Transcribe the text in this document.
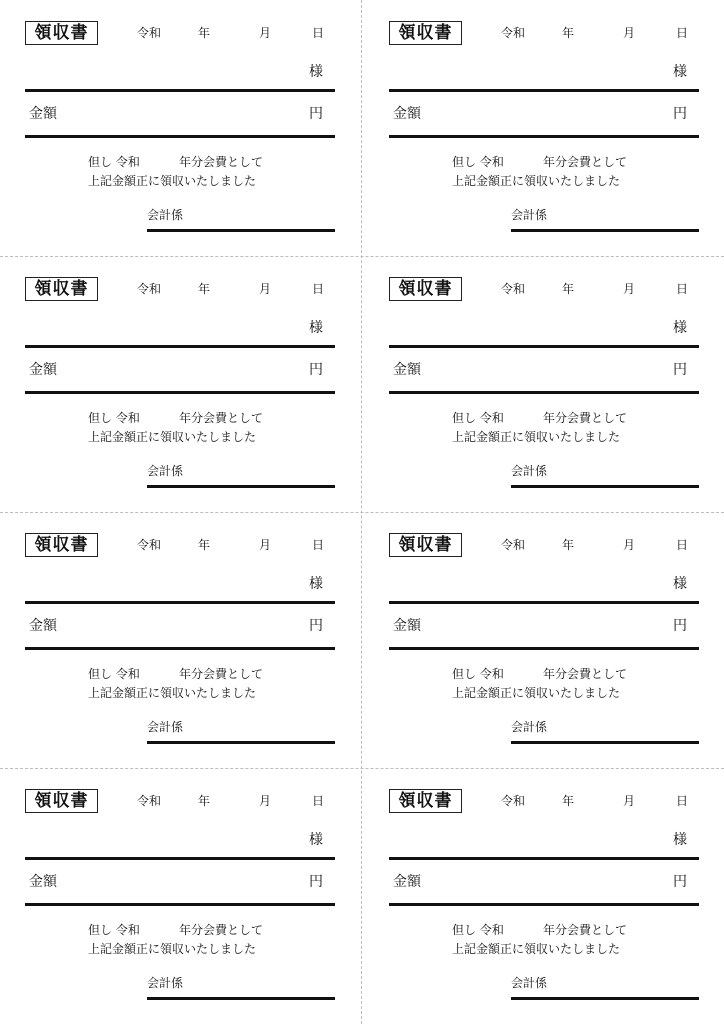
領収書	令和	年	月	日
様
金額	円
但し 令和	年分会費として
上記金額正に領収いたしました
会計係
領収書	令和	年	月	日
様
金額	円
但し 令和	年分会費として
上記金額正に領収いたしました
会計係
領収書	令和	年	月	日
様
金額	円
但し 令和	年分会費として
上記金額正に領収いたしました
会計係
領収書	令和	年	月	日
様
金額	円
但し 令和	年分会費として
上記金額正に領収いたしました
会計係
領収書	令和	年	月	日
様
金額	円
但し 令和	年分会費として
上記金額正に領収いたしました
会計係
領収書	令和	年	月	日
様
金額	円
但し 令和	年分会費として
上記金額正に領収いたしました
会計係
領収書	令和	年	月	日
様
金額	円
但し 令和	年分会費として
上記金額正に領収いたしました
会計係
領収書	令和	年	月	日
様
金額	円
但し 令和	年分会費として
上記金額正に領収いたしました
会計係
